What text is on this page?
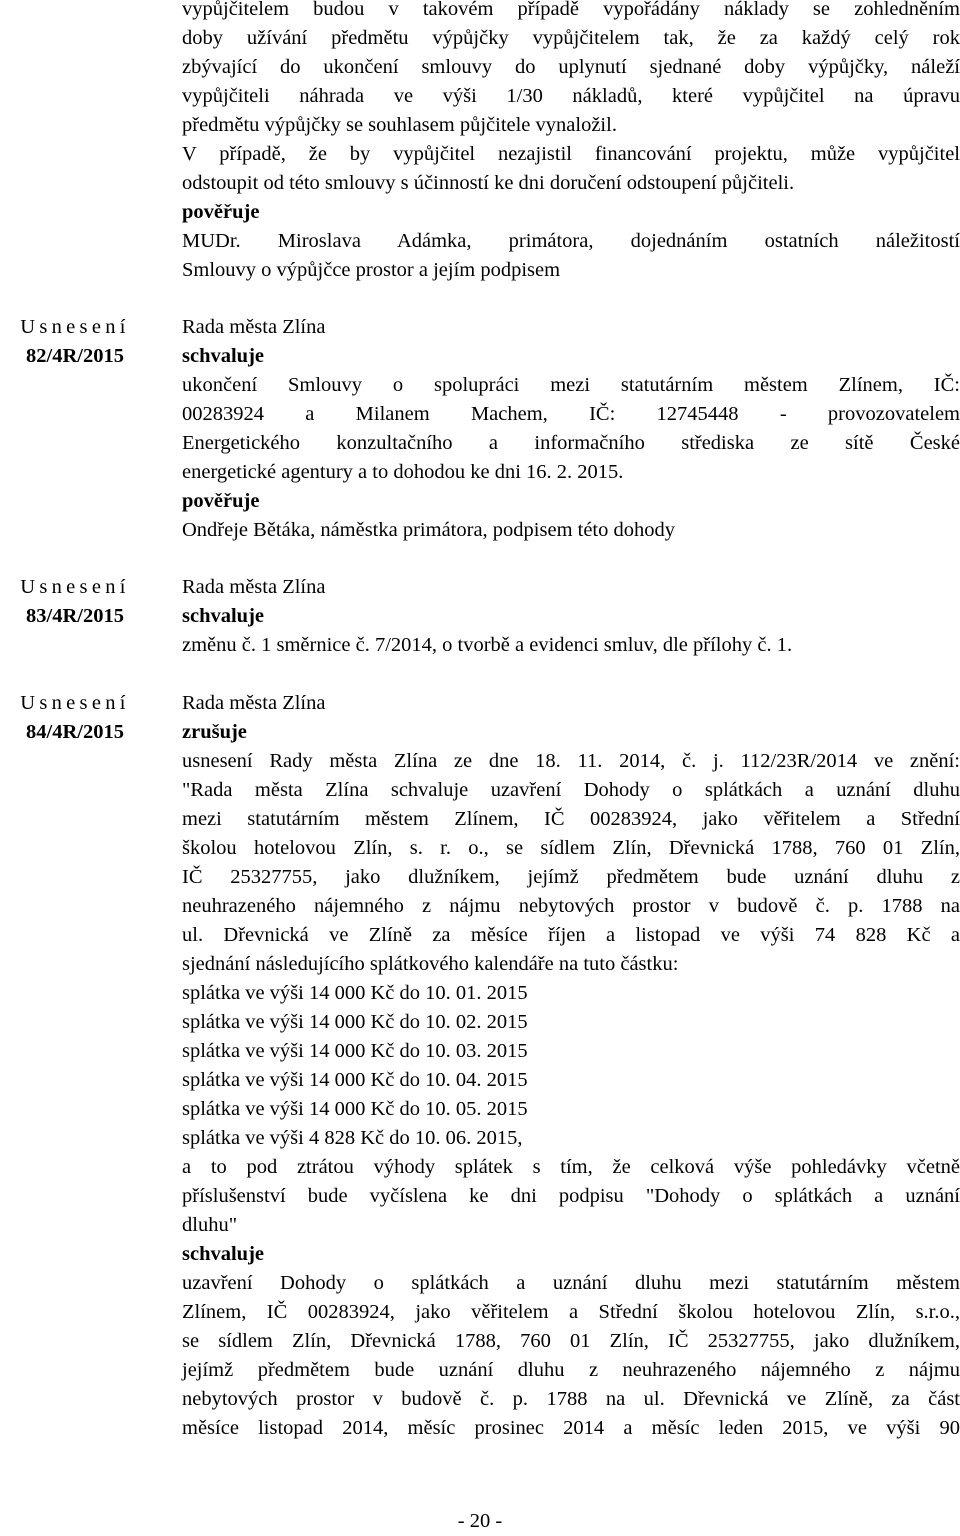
Usnesení
82/4R/2015
Usnesení
83/4R/2015
Usnesení
84/4R/2015
vypůjčitelem budou v takovém případě vypořádány náklady se zohledněním
doby užívání předmětu výpůjčky vypůjčitelem tak, že za každý celý rok
zbývající do ukončení smlouvy do uplynutí sjednané doby výpůjčky, náleží
vypůjčiteli náhrada ve výši 1/30 nákladů, které vypůjčitel na úpravu
předmětu výpůjčky se souhlasem půjčitele vynaložil.
V případě, že by vypůjčitel nezajistil financování projektu, může vypůjčitel
odstoupit od této smlouvy s účinností ke dni doručení odstoupení půjčiteli.
pověřuje
MUDr. Miroslava Adámka, primátora, dojednáním ostatních náležitostí
Smlouvy o výpůjčce prostor a jejím podpisem
Rada města Zlína
schvaluje
ukončení Smlouvy o spolupráci mezi statutárním městem Zlínem, IČ:
00283924 a Milanem Machem, IČ: 12745448 - provozovatelem
Energetického konzultačního a informačního střediska ze sítě České
energetické agentury a to dohodou ke dni 16. 2. 2015.
pověřuje
Ondřeje Bětáka, náměstka primátora, podpisem této dohody
Rada města Zlína
schvaluje
změnu č. 1 směrnice č. 7/2014, o tvorbě a evidenci smluv, dle přílohy č. 1.
Rada města Zlína
zrušuje
usnesení Rady města Zlína ze dne 18. 11. 2014, č. j. 112/23R/2014 ve znění:
"Rada města Zlína schvaluje uzavření Dohody o splátkách a uznání dluhu
mezi statutárním městem Zlínem, IČ 00283924, jako věřitelem a Střední
školou hotelovou Zlín, s. r. o., se sídlem Zlín, Dřevnická 1788, 760 01 Zlín,
IČ 25327755, jako dlužníkem, jejímž předmětem bude uznání dluhu z
neuhrazeného nájemného z nájmu nebytových prostor v budově č. p. 1788 na
ul. Dřevnická ve Zlíně za měsíce říjen a listopad ve výši 74 828 Kč a
sjednání následujícího splátkového kalendáře na tuto částku:
splátka ve výši 14 000 Kč do 10. 01. 2015
splátka ve výši 14 000 Kč do 10. 02. 2015
splátka ve výši 14 000 Kč do 10. 03. 2015
splátka ve výši 14 000 Kč do 10. 04. 2015
splátka ve výši 14 000 Kč do 10. 05. 2015
splátka ve výši 4 828 Kč do 10. 06. 2015,
a to pod ztrátou výhody splátek s tím, že celková výše pohledávky včetně
příslušenství bude vyčíslena ke dni podpisu "Dohody o splátkách a uznání
dluhu"
schvaluje
uzavření Dohody o splátkách a uznání dluhu mezi statutárním městem
Zlínem, IČ 00283924, jako věřitelem a Střední školou hotelovou Zlín, s.r.o.,
se sídlem Zlín, Dřevnická 1788, 760 01 Zlín, IČ 25327755, jako dlužníkem,
jejímž předmětem bude uznání dluhu z neuhrazeného nájemného z nájmu
nebytových prostor v budově č. p. 1788 na ul. Dřevnická ve Zlíně, za část
měsíce listopad 2014, měsíc prosinec 2014 a měsíc leden 2015, ve výši 90
- 20 -
